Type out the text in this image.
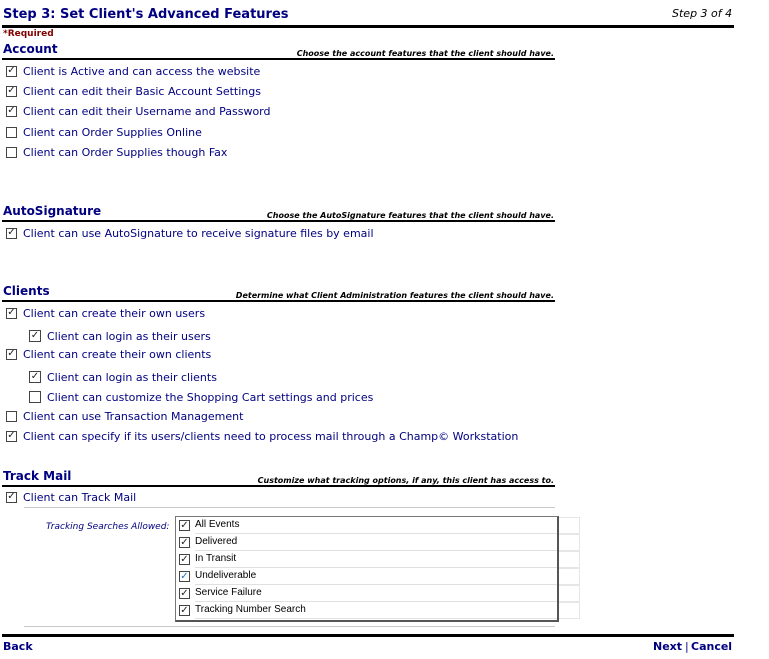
Step 3: Set Client's Advanced Features	Step 3 of 4
*Required
Account	Choose the account features that the client should have.
✓ Client is Active and can access the website
✓ Client can edit their Basic Account Settings
✓ Client can edit their Username and Password
Client can Order Supplies Online
Client can Order Supplies though Fax
AutoSignature	Choose the AutoSignature features that the client should have.
✓ Client can use AutoSignature to receive signature files by email
Clients	Determine what Client Administration features the client should have.
✓ Client can create their own users
✓ Client can login as their users
✓ Client can create their own clients
✓ Client can login as their clients
Client can customize the Shopping Cart settings and prices
Client can use Transaction Management
✓ Client can specify if its users/clients need to process mail through a Champ© Workstation
Track Mail	Customize what tracking options, if any, this client has access to.
✓ Client can Track Mail
Tracking Searches Allowed: ✓ All Events
✓ Delivered
✓ In Transit
✓ Undeliverable
✓ Service Failure
✓ Tracking Number Search
Back	Next | Cancel
